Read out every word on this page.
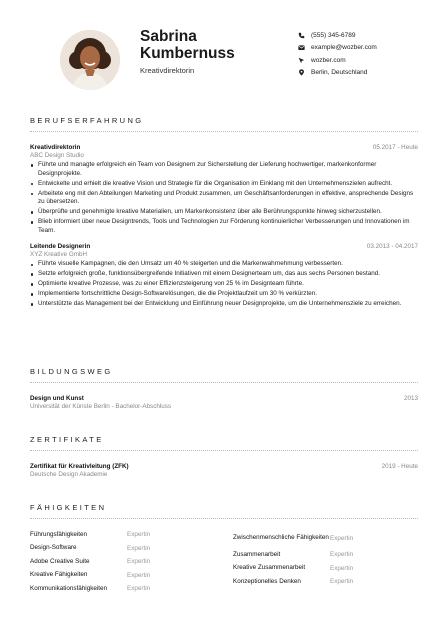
Sabrina
Kumbernuss
Kreativdirektorin
(555) 345-6789
example@wozber.com
wozber.com
Berlin, Deutschland
BERUFSERFAHRUNG
Kreativdirektorin	05.2017 - Heute
ABC Design Studio
Führte und managte erfolgreich ein Team von Designern zur Sicherstellung der Lieferung hochwertiger, markenkonformer Designprojekte.
Entwickelte und erhielt die kreative Vision und Strategie für die Organisation im Einklang mit den Unternehmenszielen aufrecht.
Arbeitete eng mit den Abteilungen Marketing und Produkt zusammen, um Geschäftsanforderungen in effektive, ansprechende Designs zu übersetzen.
Überprüfte und genehmigte kreative Materialien, um Markenkonsistenz über alle Berührungspunkte hinweg sicherzustellen.
Blieb informiert über neue Designtrends, Tools und Technologien zur Förderung kontinuierlicher Verbesserungen und Innovationen im Team.
Leitende Designerin	03.2013 - 04.2017
XYZ Kreative GmbH
Führte visuelle Kampagnen, die den Umsatz um 40 % steigerten und die Markenwahrnehmung verbesserten.
Setzte erfolgreich große, funktionsübergreifende Initiativen mit einem Designerteam um, das aus sechs Personen bestand.
Optimierte kreative Prozesse, was zu einer Effizienzsteigerung von 25 % im Designteam führte.
Implementierte fortschrittliche Design-Softwarelösungen, die die Projektlaufzeit um 30 % verkürzten.
Unterstützte das Management bei der Entwicklung und Einführung neuer Designprojekte, um die Unternehmensziele zu erreichen.
BILDUNGSWEG
Design und Kunst	2013
Universität der Künste Berlin - Bachelor-Abschluss
ZERTIFIKATE
Zertifikat für Kreativleitung (ZFK)	2019 - Heute
Deutsche Design Akademie
FÄHIGKEITEN
Führungsfähigkeiten	Expertin
Design-Software	Expertin
Adobe Creative Suite	Expertin
Kreative Fähigkeiten	Expertin
Kommunikationsfähigkeiten	Expertin
Zwischenmenschliche Fähigkeiten Expertin
Zusammenarbeit	Expertin
Kreative Zusammenarbeit	Expertin
Konzeptionelles Denken	Expertin
